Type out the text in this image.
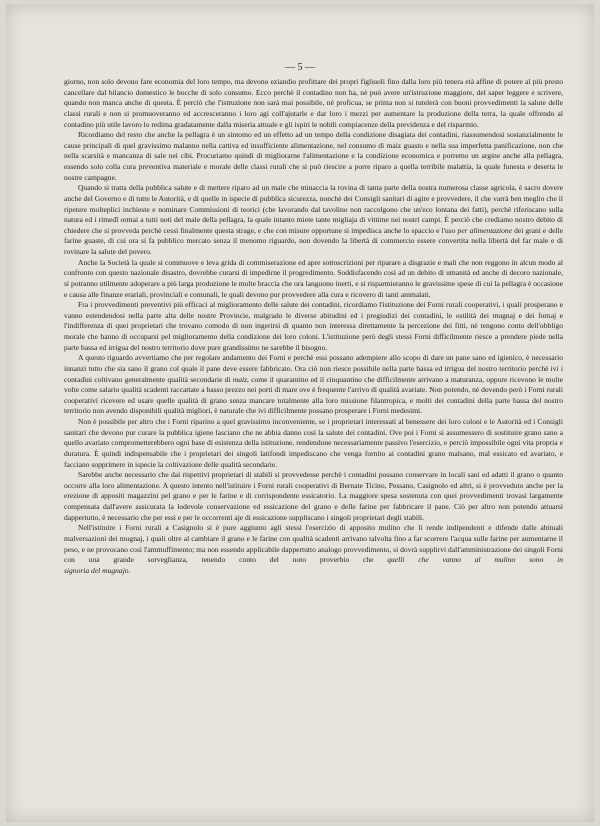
— 5 —

giorno, non solo devono fare economia del loro tempo, ma devono eziandio profittare dei propri figliuoli fino dalla loro più tenera età affine di potere al più presto cancellare dal bilancio domestico le bocche di solo consumo. Ecco perchè il contadino non ha, nè può avere un'istruzione maggiore, del saper leggere e scrivere, quando non manca anche di questa. È perciò che l'istruzione non sarà mai possibile, nè proficua, se prima non si tutelerà con buoni provvedimenti la salute delle classi rurali e non si promuoveranno ed accresceranno i loro agi coll'ajutarle e dar loro i mezzi per aumentare la produzione della terra, la quale offrendo al contadino più utile lavoro lo redima gradatamente dalla miseria attuale e gli ispiri le nobili compiacenze della previdenza e del risparmio.

Ricordiamo del resto che anche la pellagra è un sintomo ed un effetto ad un tempo della condizione disagiata dei contadini, riassumendosi sostanzialmente le cause principali di quel gravissimo malanno nella cattiva ed insufficiente alimentazione, nel consumo di maiz guasto e nella sua imperfetta panificazione, non che nella scarsità e mancanza di sale nei cibi. Procuriamo quindi di migliorarne l'alimentazione e la condizione economica e porremo un argine anche alla pellagra, essendo solo colla cura preventiva materiale e morale delle classi rurali che si può riescire a porre riparo a quella terribile malattia, la quale funesta e deserta le nostre campagne.

Quando si tratta della pubblica salute e di mettere riparo ad un male che minaccia la rovina di tanta parte della nostra numerosa classe agricola, è sacro dovere anche del Governo e di tutte le Autorità, e di quelle in ispecie di pubblica sicurezza, nonchè dei Consigli sanitari di agire e provvedere, il che varrà ben meglio che il ripetere molteplici inchieste e nominare Commissioni di teorici (che lavorando dal tavolino non raccolgono che un'eco lontana dei fatti), perchè riferiscano sulla natura ed i rimedî ormai a tutti noti del male della pellagra, la quale intanto miete tante migliaja di vittime nei nostri campi. È perciò che crediamo nostro debito di chiedere che si provveda perchè cessi finalmente questa strage, e che con misure opportune si impedisca anche lo spaccio e l'uso per alimentazione dei grani e delle farine guaste, di cui ora si fa pubblico mercato senza il menomo riguardo, non dovendo la libertà di commercio essere convertita nella libertà del far male e di rovinare la salute del povero.

Anche la Società la quale si commuove e leva grida di commiserazione ed apre sottoscrizioni per riparare a disgrazie e mali che non reggono in alcun modo al confronto con questo nazionale disastro, dovrebbe curarsi di impedirne il progredimento. Soddisfacendo così ad un debito di umanità ed anche di decoro nazionale, si potranno utilmente adoperare a più larga produzione le molte braccia che ora languono inerti, e si risparmieranno le gravissime spese di cui la pellagra è occasione e causa alle finanze erariali, provinciali e comunali, le quali devono pur provvedere alla cura e ricovero di tanti ammalati.

Fra i provvedimenti preventivi più efficaci al miglioramento delle salute dei contadini, ricordiamo l'istituzione dei Forni rurali cooperativi, i quali prosperano e vanno estendendosi nella parte alta delle nostre Provincie, malgrado le diverse abitudini ed i pregiudizi dei contadini, le ostilità dei mugnaj e dei fornaj e l'indifferenza di quei proprietari che trovano comodo di non ingerirsi di quanto non interessa direttamente la percezione dei fitti, nè tengono conto dell'obbligo morale che hanno di occuparsi pel miglioramento della condizione dei loro coloni. L'istituzione però degli stessi Forni difficilmente riesce a prendere piede nella parte bassa ed irrigua del nostro territorio dove pure grandissimo ne sarebbe il bisogno.

A questo riguardo avvertiamo che per regolare andamento dei Forni e perchè essi possano adempiere allo scopo di dare un pane sano ed igienico, è necessario innanzi tutto che sia sano il grano col quale il pane deve essere fabbricato. Ora ciò non riesce possibile nella parte bassa ed irrigua del nostro territorio perchè ivi i contadini coltivano generalmente qualità secondarie di maiz, come il quarantino ed il cinquantino che difficilmente arrivano a maturanza, oppure ricevono le molte volte come salario qualità scadenti raccattate a basso prezzo nei porti di mare ove è frequente l'arrivo di qualità avariate. Non potendo, nè dovendo però i Forni rurali cooperativi ricevere ed usare quelle qualità di grano senza mancare totalmente alla loro missione filantropica, e molti dei contadini della parte bassa del nostro territorio non avendo disponibili qualità migliori, è naturale che ivi difficilmente possano prosperare i Forni medesimi.

Non è possibile per altro che i Forni riparino a quel gravissimo inconveniente, se i proprietari interessati al benessere dei loro coloni e le Autorità ed i Consigli sanitari che devono pur curare la pubblica igiene lasciano che ne abbia danno così la salute dei contadini. Ove poi i Forni si assumessero di sostituire grano sano a quello avariato comprometterebbero ogni base di esistenza della istituzione, rendendone necessariamente passivo l'esercizio, e perciò impossibile ogni vita propria e duratura. È quindi indispensabile che i proprietari dei singoli latifondi impediscano che venga fornito ai contadini grano malsano, mal essicato ed avariato, e facciano sopprimere in ispecie la coltivazione delle qualità secondarie.

Sarebbe anche necessario che dai rispettivi proprietari di stabili si provvedesse perchè i contadini possano conservare in locali sani ed adatti il grano o quanto occorre alla loro alimentazione. A questo intento nell'istituire i Forni rurali cooperativi di Bernate Ticino, Pessano, Casignolo ed altri, si è provveduto anche per la erezione di appositi magazzini pel grano e per le farine e di corrispondente essicatorio. La maggiore spesa sostenuta con quei provvedimenti trovasi largamente compensata dall'avere assicurata la lodevole conservazione ed essicazione del grano e delle farine per fabbricare il pane. Ciò per altro non potendo attuarsi dappertutto, è necessario che per essi e per le occorrenti aje di essicazione suppliscano i singoli proprietari degli stabili.

Nell'istituire i Forni rurali a Casignolo si è pure aggiunto agli stessi l'esercizio di apposito mulino che li rende indipendenti e difende dalle abituali malversazioni dei mugnaj, i quali oltre al cambiare il grano e le farine con qualità scadenti arrivano talvolta fino a far scorrere l'acqua sulle farine per aumentarne il peso, e ne provocano così l'ammuffimento; ma non essendo applicabile dappertutto analogo provvedimento, si dovrà supplirvi dall'amministrazione dei singoli Forni con una grande sorveglianza, tenendo conto del noto proverbio che quelli che vanno al mulino sono in

signoria del mugnajo.
